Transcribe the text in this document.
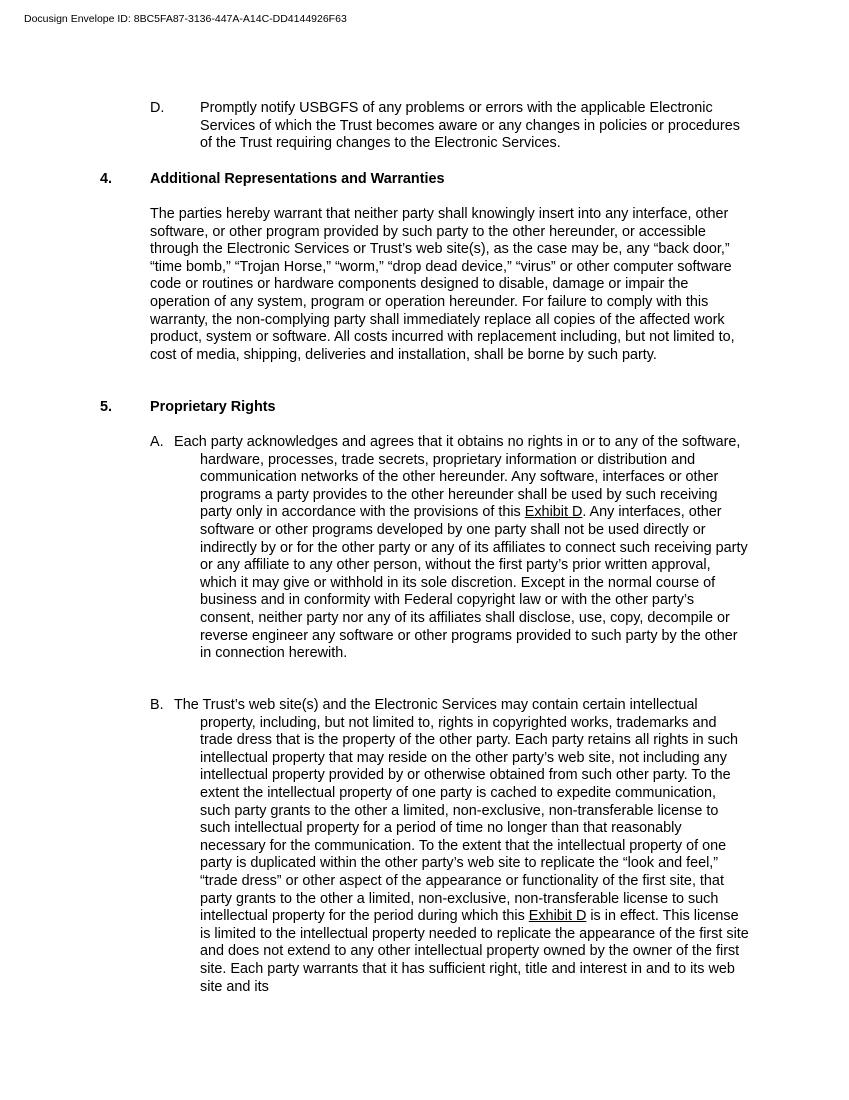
Docusign Envelope ID: 8BC5FA87-3136-447A-A14C-DD4144926F63
D. Promptly notify USBGFS of any problems or errors with the applicable Electronic Services of which the Trust becomes aware or any changes in policies or procedures of the Trust requiring changes to the Electronic Services.
4.	Additional Representations and Warranties
The parties hereby warrant that neither party shall knowingly insert into any interface, other software, or other program provided by such party to the other hereunder, or accessible through the Electronic Services or Trust’s web site(s), as the case may be, any “back door,” “time bomb,” “Trojan Horse,” “worm,” “drop dead device,” “virus” or other computer software code or routines or hardware components designed to disable, damage or impair the operation of any system, program or operation hereunder. For failure to comply with this warranty, the non-complying party shall immediately replace all copies of the affected work product, system or software. All costs incurred with replacement including, but not limited to, cost of media, shipping, deliveries and installation, shall be borne by such party.
5.	Proprietary Rights
A. Each party acknowledges and agrees that it obtains no rights in or to any of the software, hardware, processes, trade secrets, proprietary information or distribution and communication networks of the other hereunder. Any software, interfaces or other programs a party provides to the other hereunder shall be used by such receiving party only in accordance with the provisions of this Exhibit D. Any interfaces, other software or other programs developed by one party shall not be used directly or indirectly by or for the other party or any of its affiliates to connect such receiving party or any affiliate to any other person, without the first party’s prior written approval, which it may give or withhold in its sole discretion. Except in the normal course of business and in conformity with Federal copyright law or with the other party’s consent, neither party nor any of its affiliates shall disclose, use, copy, decompile or reverse engineer any software or other programs provided to such party by the other in connection herewith.
B. The Trust’s web site(s) and the Electronic Services may contain certain intellectual property, including, but not limited to, rights in copyrighted works, trademarks and trade dress that is the property of the other party. Each party retains all rights in such intellectual property that may reside on the other party’s web site, not including any intellectual property provided by or otherwise obtained from such other party. To the extent the intellectual property of one party is cached to expedite communication, such party grants to the other a limited, non-exclusive, non-transferable license to such intellectual property for a period of time no longer than that reasonably necessary for the communication. To the extent that the intellectual property of one party is duplicated within the other party’s web site to replicate the “look and feel,” “trade dress” or other aspect of the appearance or functionality of the first site, that party grants to the other a limited, non-exclusive, non-transferable license to such intellectual property for the period during which this Exhibit D is in effect. This license is limited to the intellectual property needed to replicate the appearance of the first site and does not extend to any other intellectual property owned by the owner of the first site. Each party warrants that it has sufficient right, title and interest in and to its web site and its
